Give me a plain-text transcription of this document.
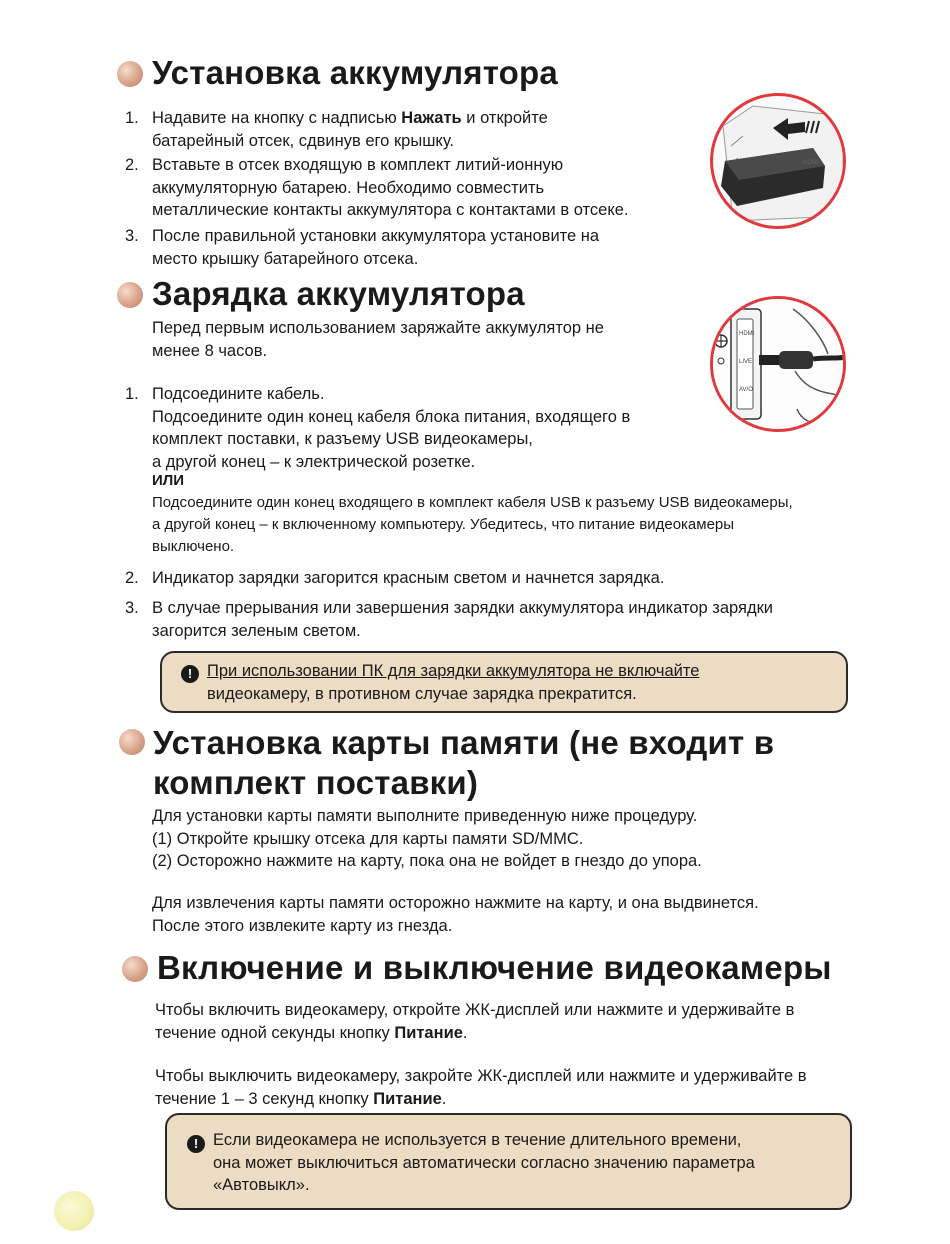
Установка аккумулятора
1. Надавите на кнопку с надписью Нажать и откройте
батарейный отсек, сдвинув его крышку.

2. Вставьте в отсек входящую в комплект литий-ионную
аккумуляторную батарею. Необходимо совместить
металлические контакты аккумулятора с контактами в отсеке.

3. После правильной установки аккумулятора установите на
место крышку батарейного отсека.

HDMI
Зарядка аккумулятора

Перед первым использованием заряжайте аккумулятор не
менее 8 часов.

HDMI
LIVE
AV/O
1. Подсоедините кабель.
Подсоедините один конец кабеля блока питания, входящего в
комплект поставки, к разъему USB видеокамеры,
а другой конец – к электрической розетке.

ИЛИ

Подсоедините один конец входящего в комплект кабеля USB к разъему USB видеокамеры,
а другой конец – к включенному компьютеру. Убедитесь, что питание видеокамеры
выключено.

2. Индикатор зарядки загорится красным светом и начнется зарядка.

3. В случае прерывания или завершения зарядки аккумулятора индикатор зарядки
загорится зеленым светом.

! При использовании ПК для зарядки аккумулятора не включайте
видеокамеру, в противном случае зарядка прекратится.

Установка карты памяти (не входит в
комплект поставки)

Для установки карты памяти выполните приведенную ниже процедуру.
(1) Откройте крышку отсека для карты памяти SD/MMC.
(2) Осторожно нажмите на карту, пока она не войдет в гнездо до упора.

Для извлечения карты памяти осторожно нажмите на карту, и она выдвинется.
После этого извлеките карту из гнезда.

Включение и выключение видеокамеры

Чтобы включить видеокамеру, откройте ЖК-дисплей или нажмите и удерживайте в
течение одной секунды кнопку Питание.

Чтобы выключить видеокамеру, закройте ЖК-дисплей или нажмите и удерживайте в
течение 1 – 3 секунд кнопку Питание.

! Если видеокамера не используется в течение длительного времени,
она может выключиться автоматически согласно значению параметра
«Автовыкл».
